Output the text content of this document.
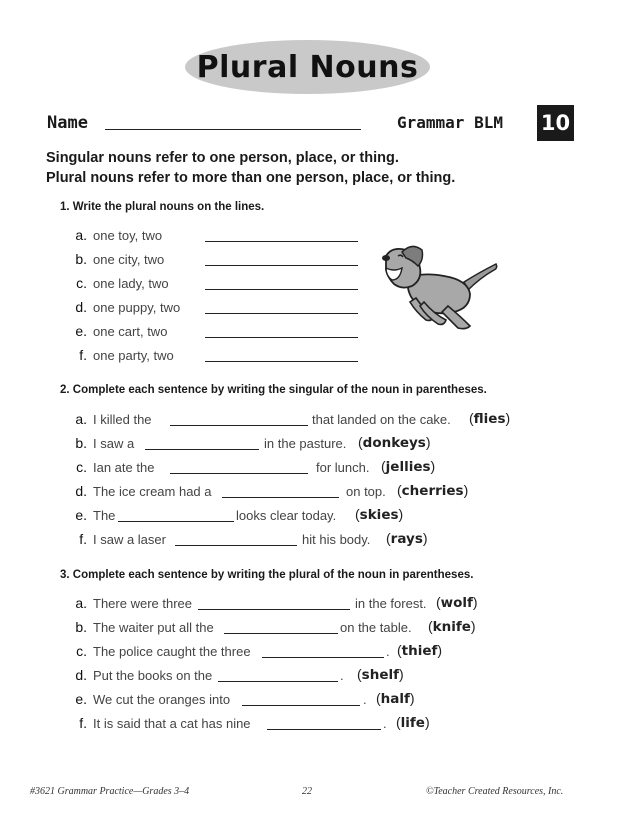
Plural Nouns
Name	Grammar BLM 10
Singular nouns refer to one person, place, or thing.
Plural nouns refer to more than one person, place, or thing.
1. Write the plural nouns on the lines.
a. one toy, two
b. one city, two
c. one lady, two
d. one puppy, two
e. one cart, two
f. one party, two
2. Complete each sentence by writing the singular of the noun in parentheses.
a. I killed the	that landed on the cake. (flies)
b. I saw a	in the pasture. (donkeys)
c. Ian ate the	for lunch. (jellies)
d. The ice cream had a	on top. (cherries)
e. The	looks clear today. (skies)
f. I saw a laser	hit his body. (rays)
3. Complete each sentence by writing the plural of the noun in parentheses.
a. There were three	in the forest. (wolf)
b. The waiter put all the	on the table. (knife)
c. The police caught the three	. (thief)
d. Put the books on the	. (shelf)
e. We cut the oranges into	. (half)
f. It is said that a cat has nine	. (life)
#3621 Grammar Practice—Grades 3–4	22	©Teacher Created Resources, Inc.
